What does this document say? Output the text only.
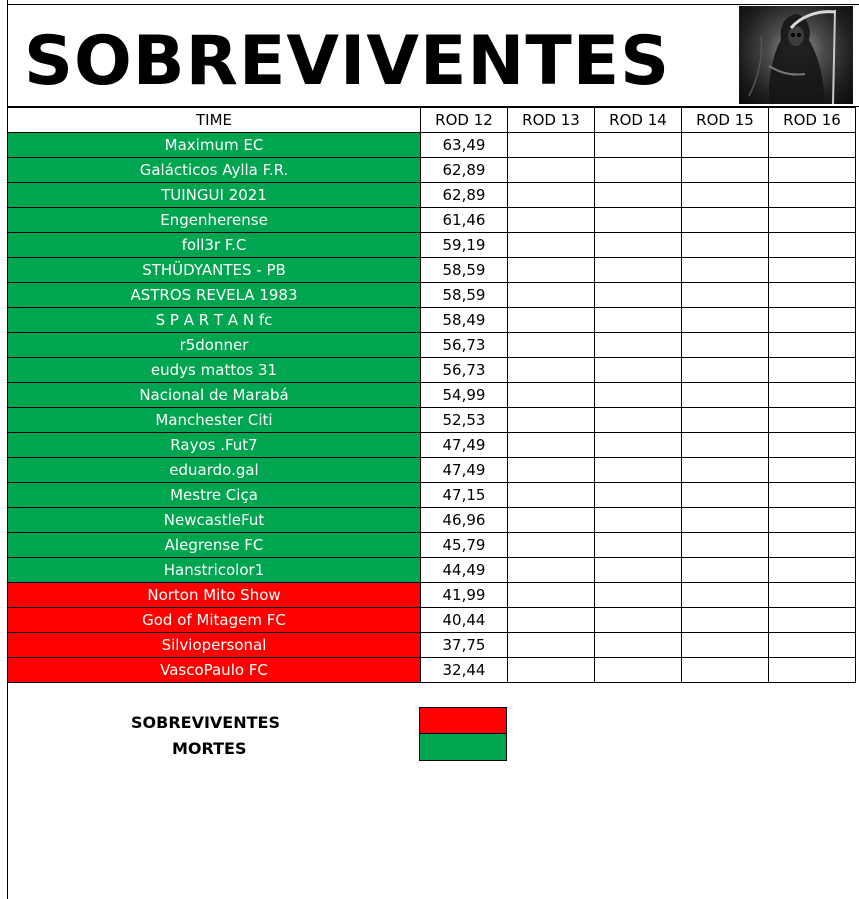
SOBREVIVENTES
TIME	ROD 12	ROD 13	ROD 14	ROD 15	ROD 16
Maximum EC	63,49				
Galácticos Aylla F.R.	62,89				
TUINGUI 2021	62,89				
Engenherense	61,46				
foll3r F.C	59,19				
STHÜDYANTES - PB	58,59				
ASTROS REVELA 1983	58,59				
S P A R T A N fc	58,49				
r5donner	56,73				
eudys mattos 31	56,73				
Nacional de Marabá	54,99				
Manchester Citi	52,53				
Rayos .Fut7	47,49				
eduardo.gal	47,49				
Mestre Ciça	47,15				
NewcastleFut	46,96				
Alegrense FC	45,79				
Hanstricolor1	44,49				
Norton Mito Show	41,99				
God of Mitagem FC	40,44				
Silviopersonal	37,75				
VascoPaulo FC	32,44				
SOBREVIVENTES
MORTES
